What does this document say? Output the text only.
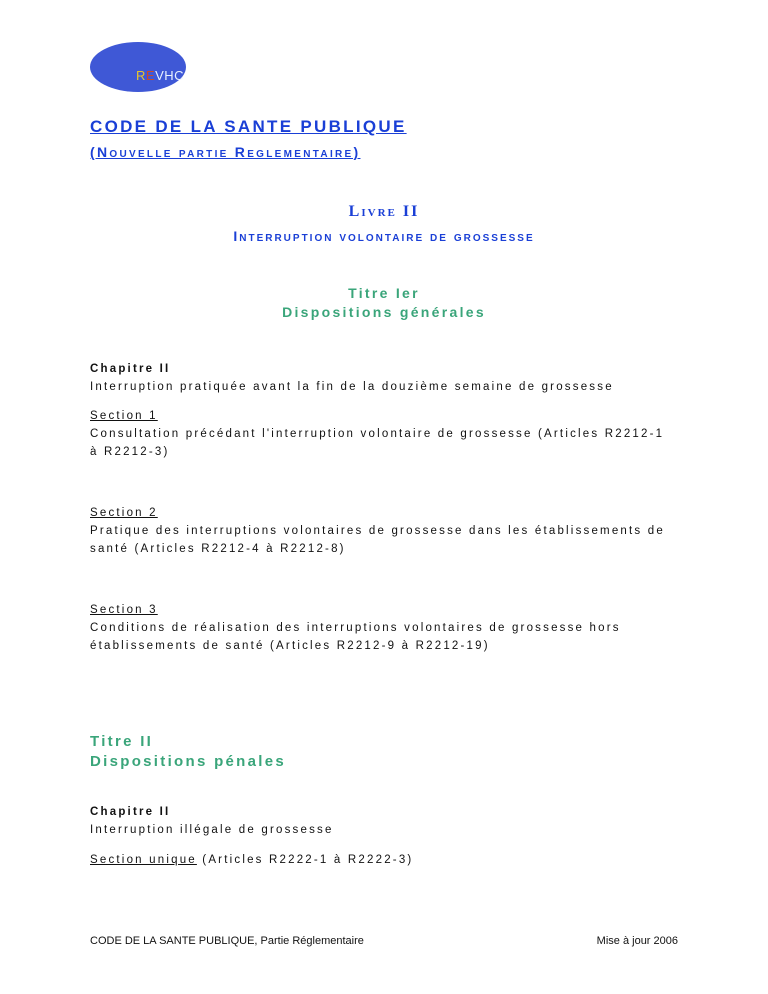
REVHC
CODE DE LA SANTE PUBLIQUE
(Nouvelle partie Reglementaire)
Livre II
Interruption volontaire de grossesse
Titre Ier
Dispositions générales
Chapitre II
Interruption pratiquée avant la fin de la douzième semaine de grossesse
Section 1
Consultation précédant l'interruption volontaire de grossesse (Articles R2212-1
à R2212-3)
Section 2
Pratique des interruptions volontaires de grossesse dans les établissements de
santé (Articles R2212-4 à R2212-8)
Section 3
Conditions de réalisation des interruptions volontaires de grossesse hors
établissements de santé (Articles R2212-9 à R2212-19)
Titre II
Dispositions pénales
Chapitre II
Interruption illégale de grossesse
Section unique (Articles R2222-1 à R2222-3)
CODE DE LA SANTE PUBLIQUE, Partie Réglementaire	Mise à jour 2006
